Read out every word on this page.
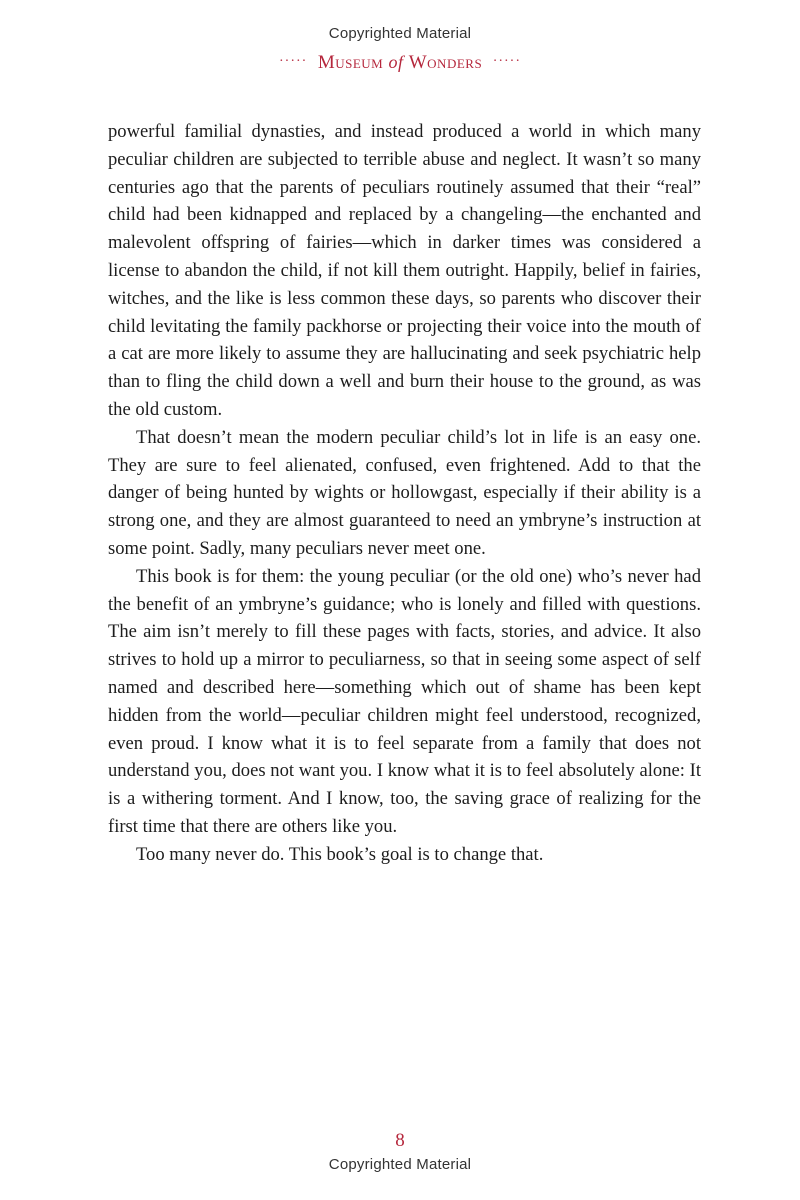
Copyrighted Material
····· Museum of Wonders ·····

powerful familial dynasties, and instead produced a world in which many peculiar children are subjected to terrible abuse and neglect. It wasn’t so many centuries ago that the parents of peculiars routinely assumed that their “real” child had been kidnapped and replaced by a changeling—the enchanted and malevolent offspring of fairies—which in darker times was considered a license to abandon the child, if not kill them outright. Happily, belief in fairies, witches, and the like is less common these days, so parents who discover their child levitating the family packhorse or projecting their voice into the mouth of a cat are more likely to assume they are hallucinating and seek psychiatric help than to fling the child down a well and burn their house to the ground, as was the old custom.

That doesn’t mean the modern peculiar child’s lot in life is an easy one. They are sure to feel alienated, confused, even frightened. Add to that the danger of being hunted by wights or hollowgast, especially if their ability is a strong one, and they are almost guaranteed to need an ymbryne’s instruction at some point. Sadly, many peculiars never meet one.

This book is for them: the young peculiar (or the old one) who’s never had the benefit of an ymbryne’s guidance; who is lonely and filled with questions. The aim isn’t merely to fill these pages with facts, stories, and advice. It also strives to hold up a mirror to peculiarness, so that in seeing some aspect of self named and described here—something which out of shame has been kept hidden from the world—peculiar children might feel understood, recognized, even proud. I know what it is to feel separate from a family that does not understand you, does not want you. I know what it is to feel absolutely alone: It is a withering torment. And I know, too, the saving grace of realizing for the first time that there are others like you.

Too many never do. This book’s goal is to change that.

8
Copyrighted Material
